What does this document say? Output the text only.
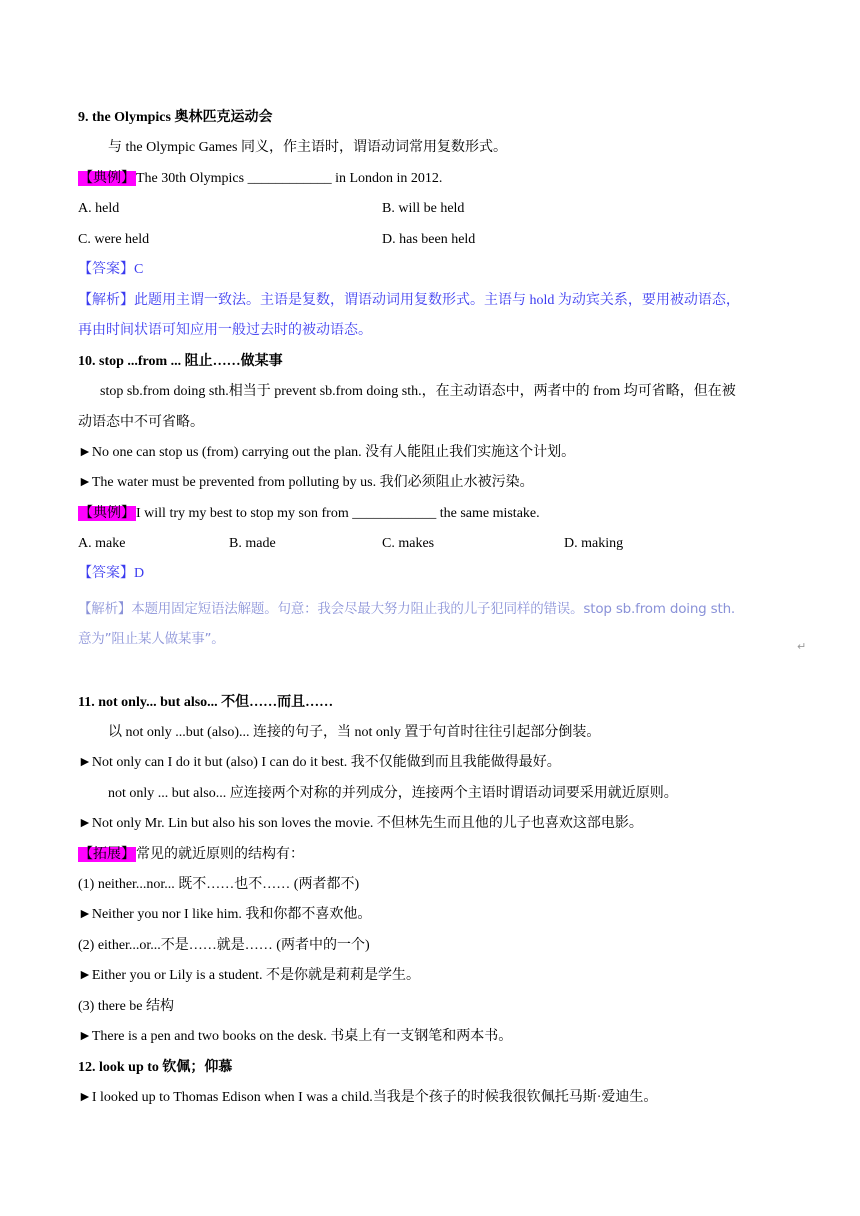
9. the Olympics 奥林匹克运动会
与 the Olympic Games 同义，作主语时，谓语动词常用复数形式。
【典例】The 30th Olympics ____________ in London in 2012.
A. held	B. will be held
C. were held	D. has been held
【答案】C
【解析】此题用主谓一致法。主语是复数，谓语动词用复数形式。主语与 hold 为动宾关系，要用被动语态，
再由时间状语可知应用一般过去时的被动语态。
10. stop ...from ... 阻止……做某事
stop sb.from doing sth.相当于 prevent sb.from doing sth.，在主动语态中，两者中的 from 均可省略，但在被
动语态中不可省略。
►No one can stop us (from) carrying out the plan. 没有人能阻止我们实施这个计划。
►The water must be prevented from polluting by us. 我们必须阻止水被污染。
【典例】I will try my best to stop my son from ____________ the same mistake.
A. make	B. made	C. makes	D. making
【答案】D
【解析】本题用固定短语法解题。句意：我会尽最大努力阻止我的儿子犯同样的错误。stop sb.from doing sth.
意为”阻止某人做某事”。	↵
11. not only... but also... 不但……而且……
以 not only ...but (also)... 连接的句子，当 not only 置于句首时往往引起部分倒装。
►Not only can I do it but (also) I can do it best. 我不仅能做到而且我能做得最好。
not only ... but also... 应连接两个对称的并列成分，连接两个主语时谓语动词要采用就近原则。
►Not only Mr. Lin but also his son loves the movie. 不但林先生而且他的儿子也喜欢这部电影。
【拓展】常见的就近原则的结构有：
(1) neither...nor... 既不……也不…… (两者都不)
►Neither you nor I like him. 我和你都不喜欢他。
(2) either...or...不是……就是…… (两者中的一个)
►Either you or Lily is a student. 不是你就是莉莉是学生。
(3) there be 结构
►There is a pen and two books on the desk. 书桌上有一支钢笔和两本书。
12. look up to 钦佩；仰慕
►I looked up to Thomas Edison when I was a child.当我是个孩子的时候我很钦佩托马斯·爱迪生。
